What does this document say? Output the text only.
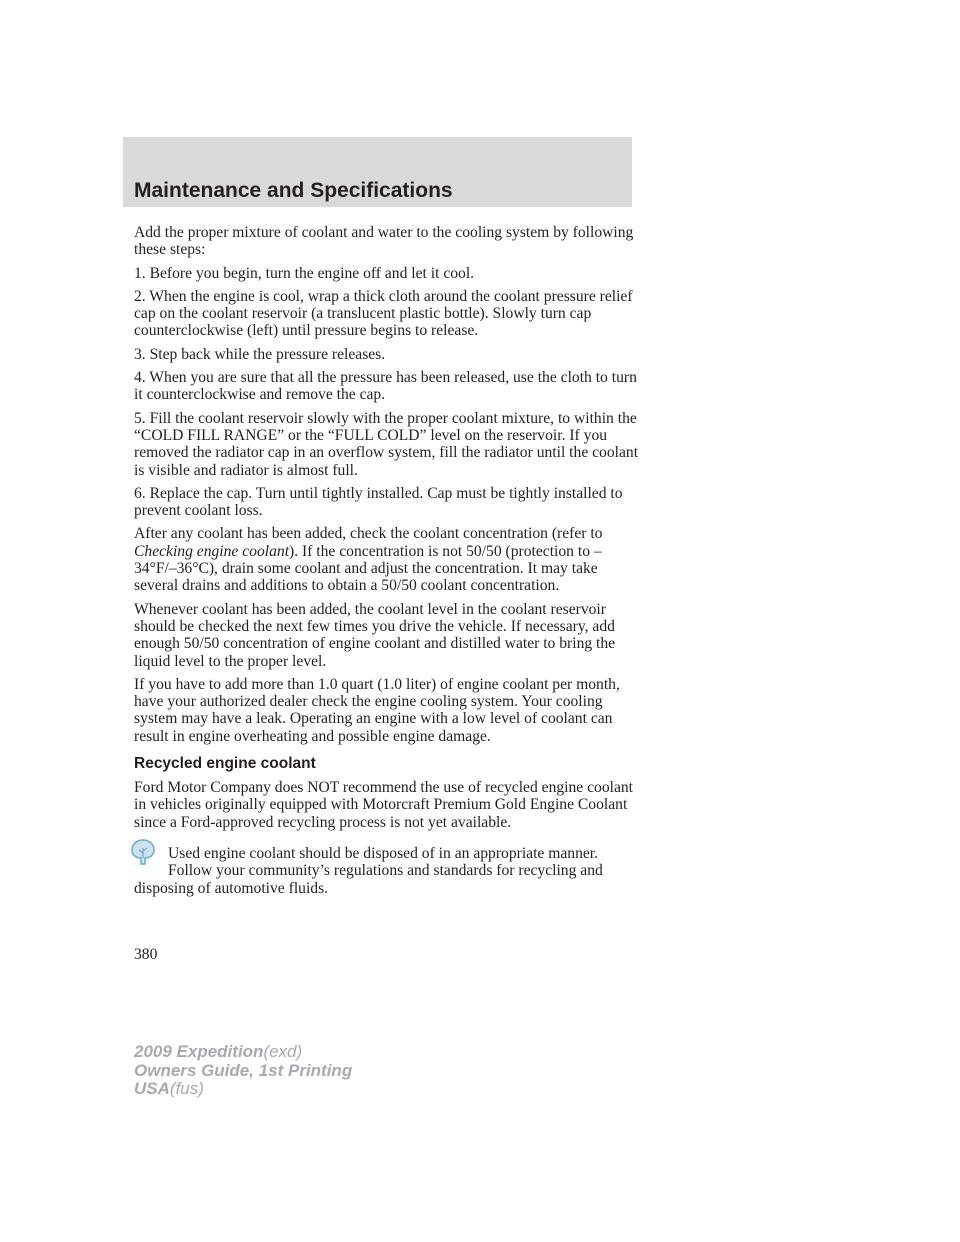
Maintenance and Specifications

Add the proper mixture of coolant and water to the cooling system by following these steps:

1. Before you begin, turn the engine off and let it cool.

2. When the engine is cool, wrap a thick cloth around the coolant pressure relief cap on the coolant reservoir (a translucent plastic bottle). Slowly turn cap counterclockwise (left) until pressure begins to release.

3. Step back while the pressure releases.

4. When you are sure that all the pressure has been released, use the cloth to turn it counterclockwise and remove the cap.

5. Fill the coolant reservoir slowly with the proper coolant mixture, to within the “COLD FILL RANGE” or the “FULL COLD” level on the reservoir. If you removed the radiator cap in an overflow system, fill the radiator until the coolant is visible and radiator is almost full.

6. Replace the cap. Turn until tightly installed. Cap must be tightly installed to prevent coolant loss.

After any coolant has been added, check the coolant concentration (refer to Checking engine coolant). If the concentration is not 50/50 (protection to –34°F/–36°C), drain some coolant and adjust the concentration. It may take several drains and additions to obtain a 50/50 coolant concentration.

Whenever coolant has been added, the coolant level in the coolant reservoir should be checked the next few times you drive the vehicle. If necessary, add enough 50/50 concentration of engine coolant and distilled water to bring the liquid level to the proper level.

If you have to add more than 1.0 quart (1.0 liter) of engine coolant per month, have your authorized dealer check the engine cooling system. Your cooling system may have a leak. Operating an engine with a low level of coolant can result in engine overheating and possible engine damage.

Recycled engine coolant

Ford Motor Company does NOT recommend the use of recycled engine coolant in vehicles originally equipped with Motorcraft Premium Gold Engine Coolant since a Ford-approved recycling process is not yet available.

Used engine coolant should be disposed of in an appropriate manner. Follow your community’s regulations and standards for recycling and disposing of automotive fluids.

380
2009 Expedition(exd)
Owners Guide, 1st Printing
USA(fus)
